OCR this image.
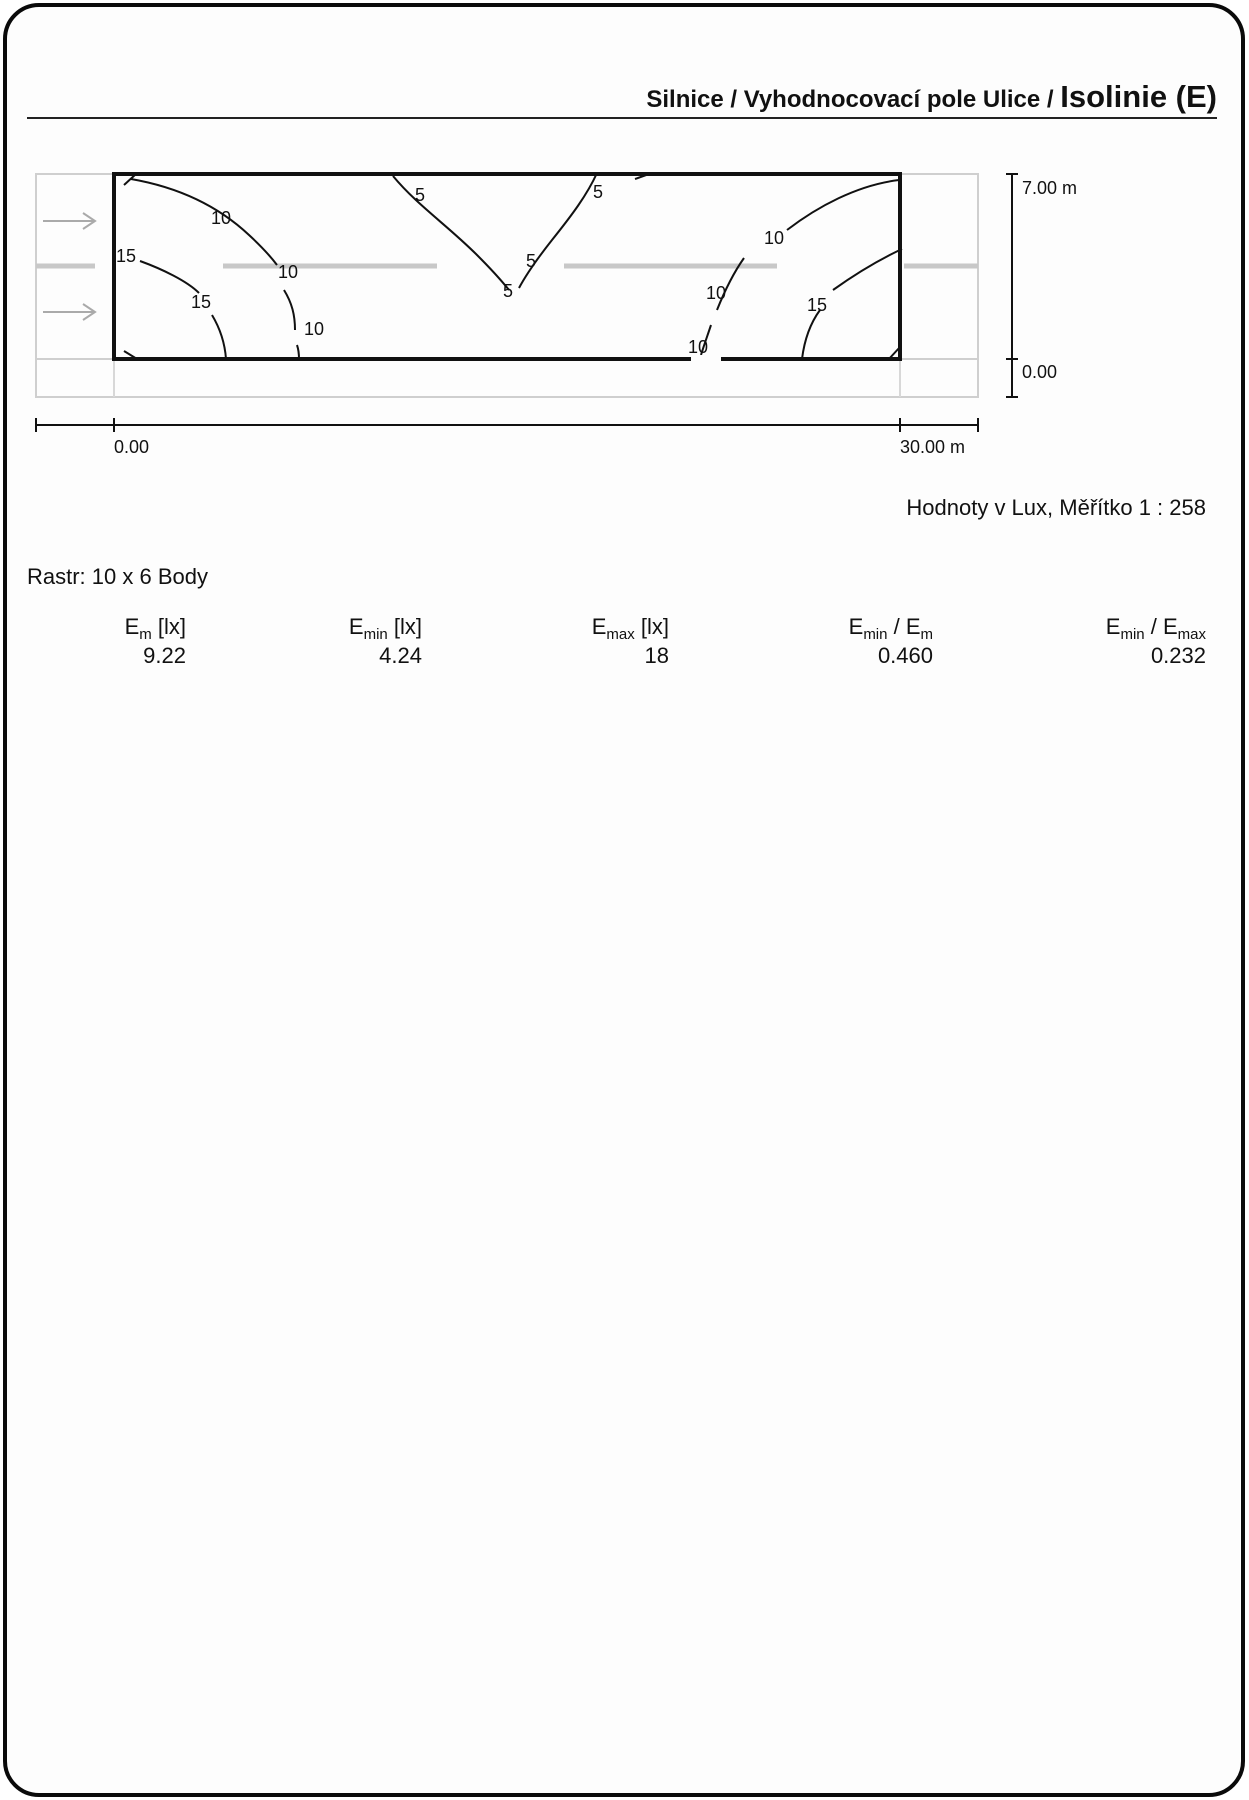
Silnice / Vyhodnocovací pole Ulice / Isolinie (E)
10
15
10
15
10
5	5
5
5
10
10
15
10
7.00 m
0.00
0.00	30.00 m
Hodnoty v Lux, Měřítko 1 : 258
Rastr: 10 x 6 Body
$E_m$ [lx]
9.22
$E_{min}$ [lx]
4.24
$E_{max}$ [lx]
18
$E_{min} / E_m$
0.460
$E_{min} / E_{max}$
0.232
